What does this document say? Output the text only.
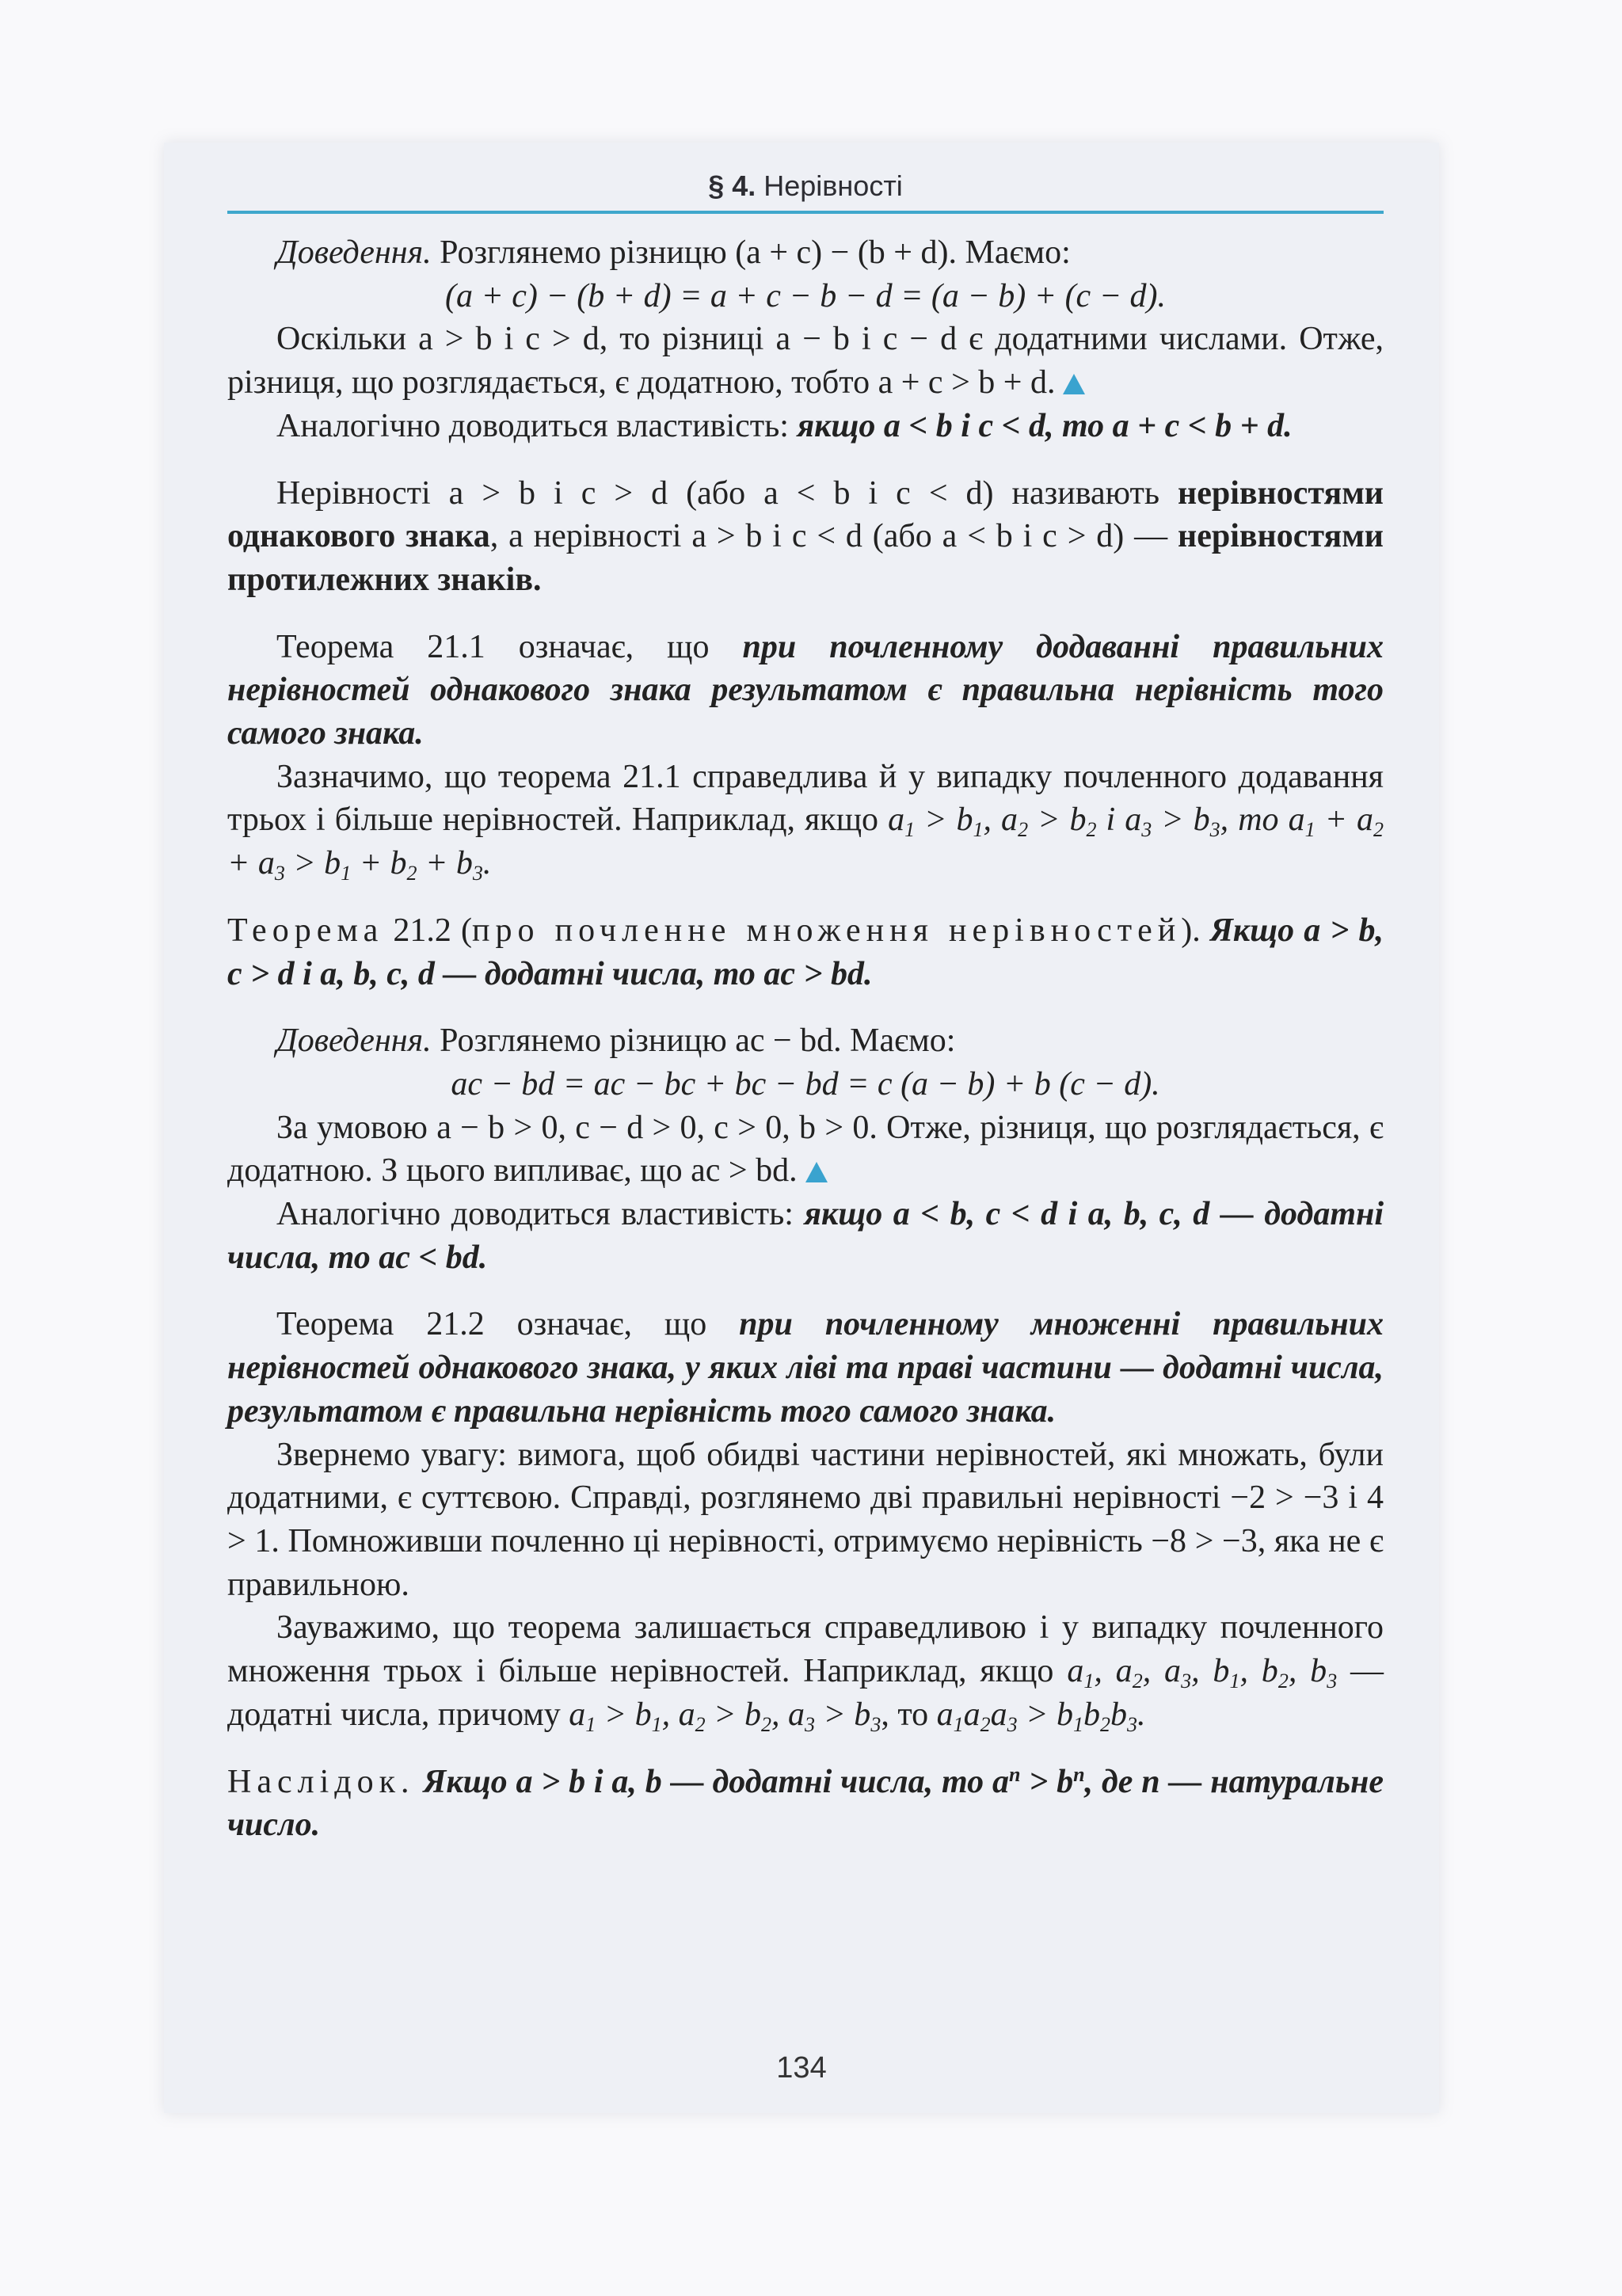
§ 4. Нерівності

Доведення. Розглянемо різницю (a + c) − (b + d). Маємо:

(a + c) − (b + d) = a + c − b − d = (a − b) + (c − d).

Оскільки a > b і c > d, то різниці a − b і c − d є додатними числами. Отже, різниця, що розглядається, є додатною, тобто a + c > b + d.

Аналогічно доводиться властивість: якщо a < b і c < d, то a + c < b + d.

Нерівності a > b і c > d (або a < b і c < d) називають нерівностями однакового знака, а нерівності a > b і c < d (або a < b і c > d) — нерівностями протилежних знаків.

Теорема 21.1 означає, що при почленному додаванні правильних нерівностей однакового знака результатом є правильна нерівність того самого знака.

Зазначимо, що теорема 21.1 справедлива й у випадку почленного додавання трьох і більше нерівностей. Наприклад, якщо $a_1 > b_1$, $a_2 > b_2$ і $a_3 > b_3$, то $a_1 + a_2 + a_3 > b_1 + b_2 + b_3$.

Теорема 21.2 (про почленне множення нерівностей). Якщо a > b, c > d і a, b, c, d — додатні числа, то ac > bd.

Доведення. Розглянемо різницю ac − bd. Маємо:

ac − bd = ac − bc + bc − bd = c (a − b) + b (c − d).

За умовою a − b > 0, c − d > 0, c > 0, b > 0. Отже, різниця, що розглядається, є додатною. З цього випливає, що ac > bd.

Аналогічно доводиться властивість: якщо a < b, c < d і a, b, c, d — додатні числа, то ac < bd.

Теорема 21.2 означає, що при почленному множенні правильних нерівностей однакового знака, у яких ліві та праві частини — додатні числа, результатом є правильна нерівність того самого знака.

Звернемо увагу: вимога, щоб обидві частини нерівностей, які множать, були додатними, є суттєвою. Справді, розглянемо дві правильні нерівності −2 > −3 і 4 > 1. Помноживши почленно ці нерівності, отримуємо нерівність −8 > −3, яка не є правильною.

Зауважимо, що теорема залишається справедливою і у випадку почленного множення трьох і більше нерівностей. Наприклад, якщо $a_1$, $a_2$, $a_3$, $b_1$, $b_2$, $b_3$ — додатні числа, причому $a_1 > b_1$, $a_2 > b_2$, $a_3 > b_3$, то $a_1a_2a_3 > b_1b_2b_3$.

Наслідок. Якщо a > b і a, b — додатні числа, то $a^n > b^n$, де n — натуральне число.

134
